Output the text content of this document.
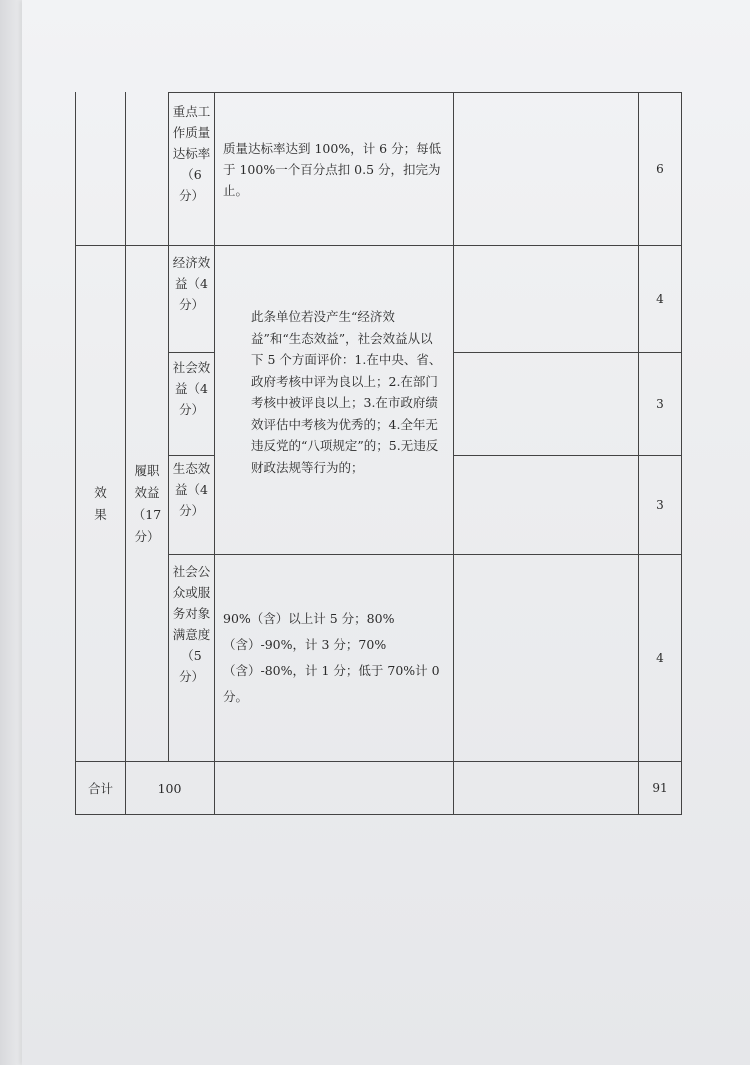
重点工作质量达标率（6分）
质量达标率达到 100%，计 6 分；每低于 100%一个百分点扣 0.5 分，扣完为止。
6
效果
履职效益（17分）
经济效益（4分）
社会效益（4分）
生态效益（4分）
此条单位若没产生“经济效益”和“生态效益”，社会效益从以下 5 个方面评价：1.在中央、省、政府考核中评为良以上；2.在部门考核中被评良以上；3.在市政府绩效评估中考核为优秀的；4.全年无违反党的“八项规定”的；5.无违反财政法规等行为的；
4
3
3
社会公众或服务对象满意度（5分）
90%（含）以上计 5 分；80%（含）-90%，计 3 分；70%（含）-80%，计 1 分；低于 70%计 0 分。
4
合计	100	91
